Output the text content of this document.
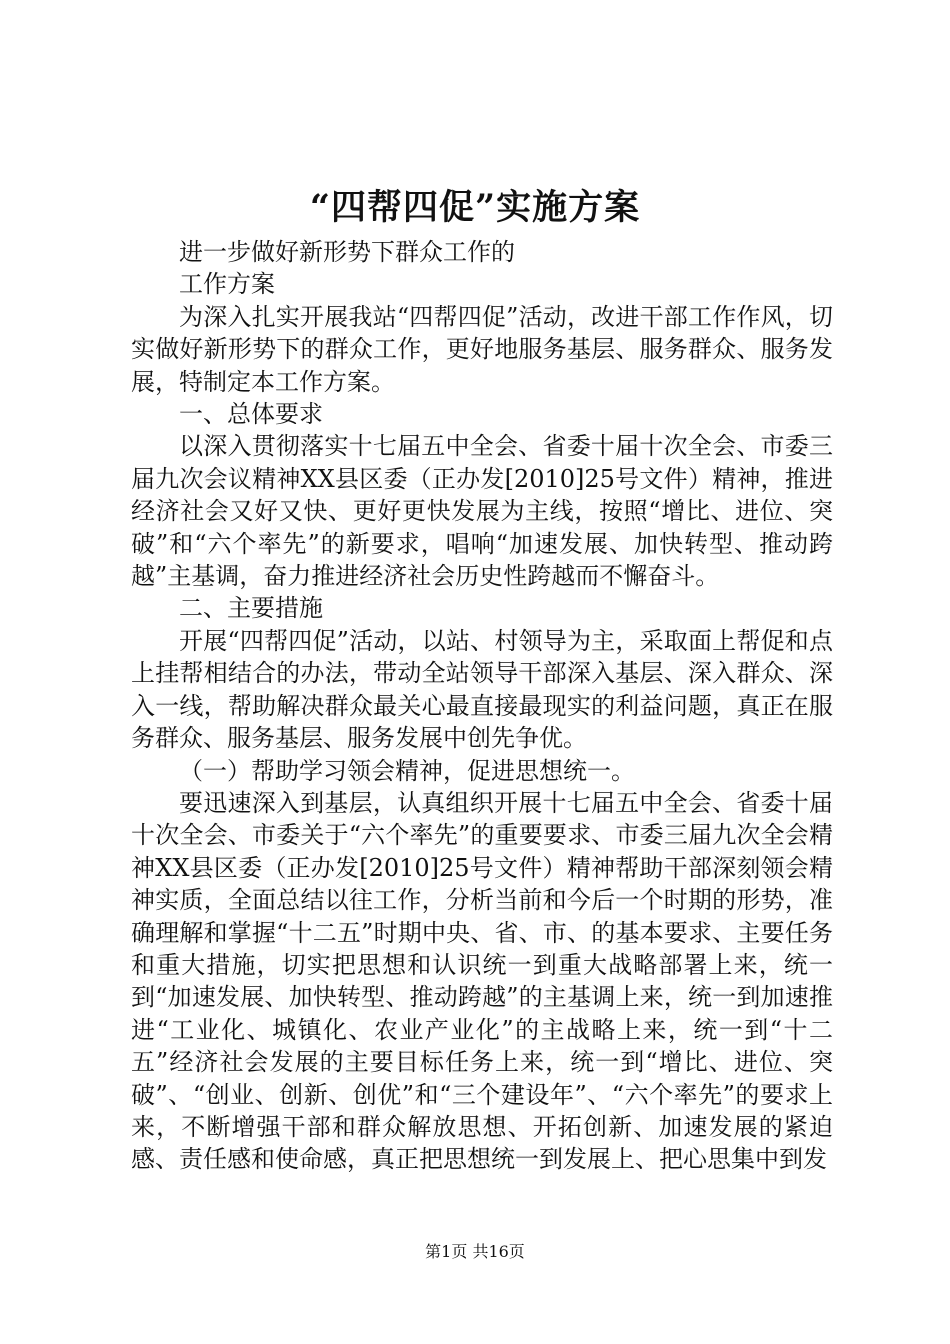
“四帮四促”实施方案

进一步做好新形势下群众工作的

工作方案

为深入扎实开展我站“四帮四促”活动，改进干部工作作风，切实做好新形势下的群众工作，更好地服务基层、服务群众、服务发展，特制定本工作方案。

一、总体要求

以深入贯彻落实十七届五中全会、省委十届十次全会、市委三届九次会议精神XX县区委（正办发[2010]25号文件）精神，推进经济社会又好又快、更好更快发展为主线，按照“增比、进位、突破”和“六个率先”的新要求，唱响“加速发展、加快转型、推动跨越”主基调，奋力推进经济社会历史性跨越而不懈奋斗。

二、主要措施

开展“四帮四促”活动，以站、村领导为主，采取面上帮促和点上挂帮相结合的办法，带动全站领导干部深入基层、深入群众、深入一线，帮助解决群众最关心最直接最现实的利益问题，真正在服务群众、服务基层、服务发展中创先争优。

（一）帮助学习领会精神，促进思想统一。

要迅速深入到基层，认真组织开展十七届五中全会、省委十届十次全会、市委关于“六个率先”的重要要求、市委三届九次全会精神XX县区委（正办发[2010]25号文件）精神帮助干部深刻领会精神实质，全面总结以往工作，分析当前和今后一个时期的形势，准确理解和掌握“十二五”时期中央、省、市、的基本要求、主要任务和重大措施，切实把思想和认识统一到重大战略部署上来，统一到“加速发展、加快转型、推动跨越”的主基调上来，统一到加速推进“工业化、城镇化、农业产业化”的主战略上来，统一到“十二五”经济社会发展的主要目标任务上来，统一到“增比、进位、突破”、“创业、创新、创优”和“三个建设年”、“六个率先”的要求上来，不断增强干部和群众解放思想、开拓创新、加速发展的紧迫感、责任感和使命感，真正把思想统一到发展上、把心思集中到发

第1页 共16页
